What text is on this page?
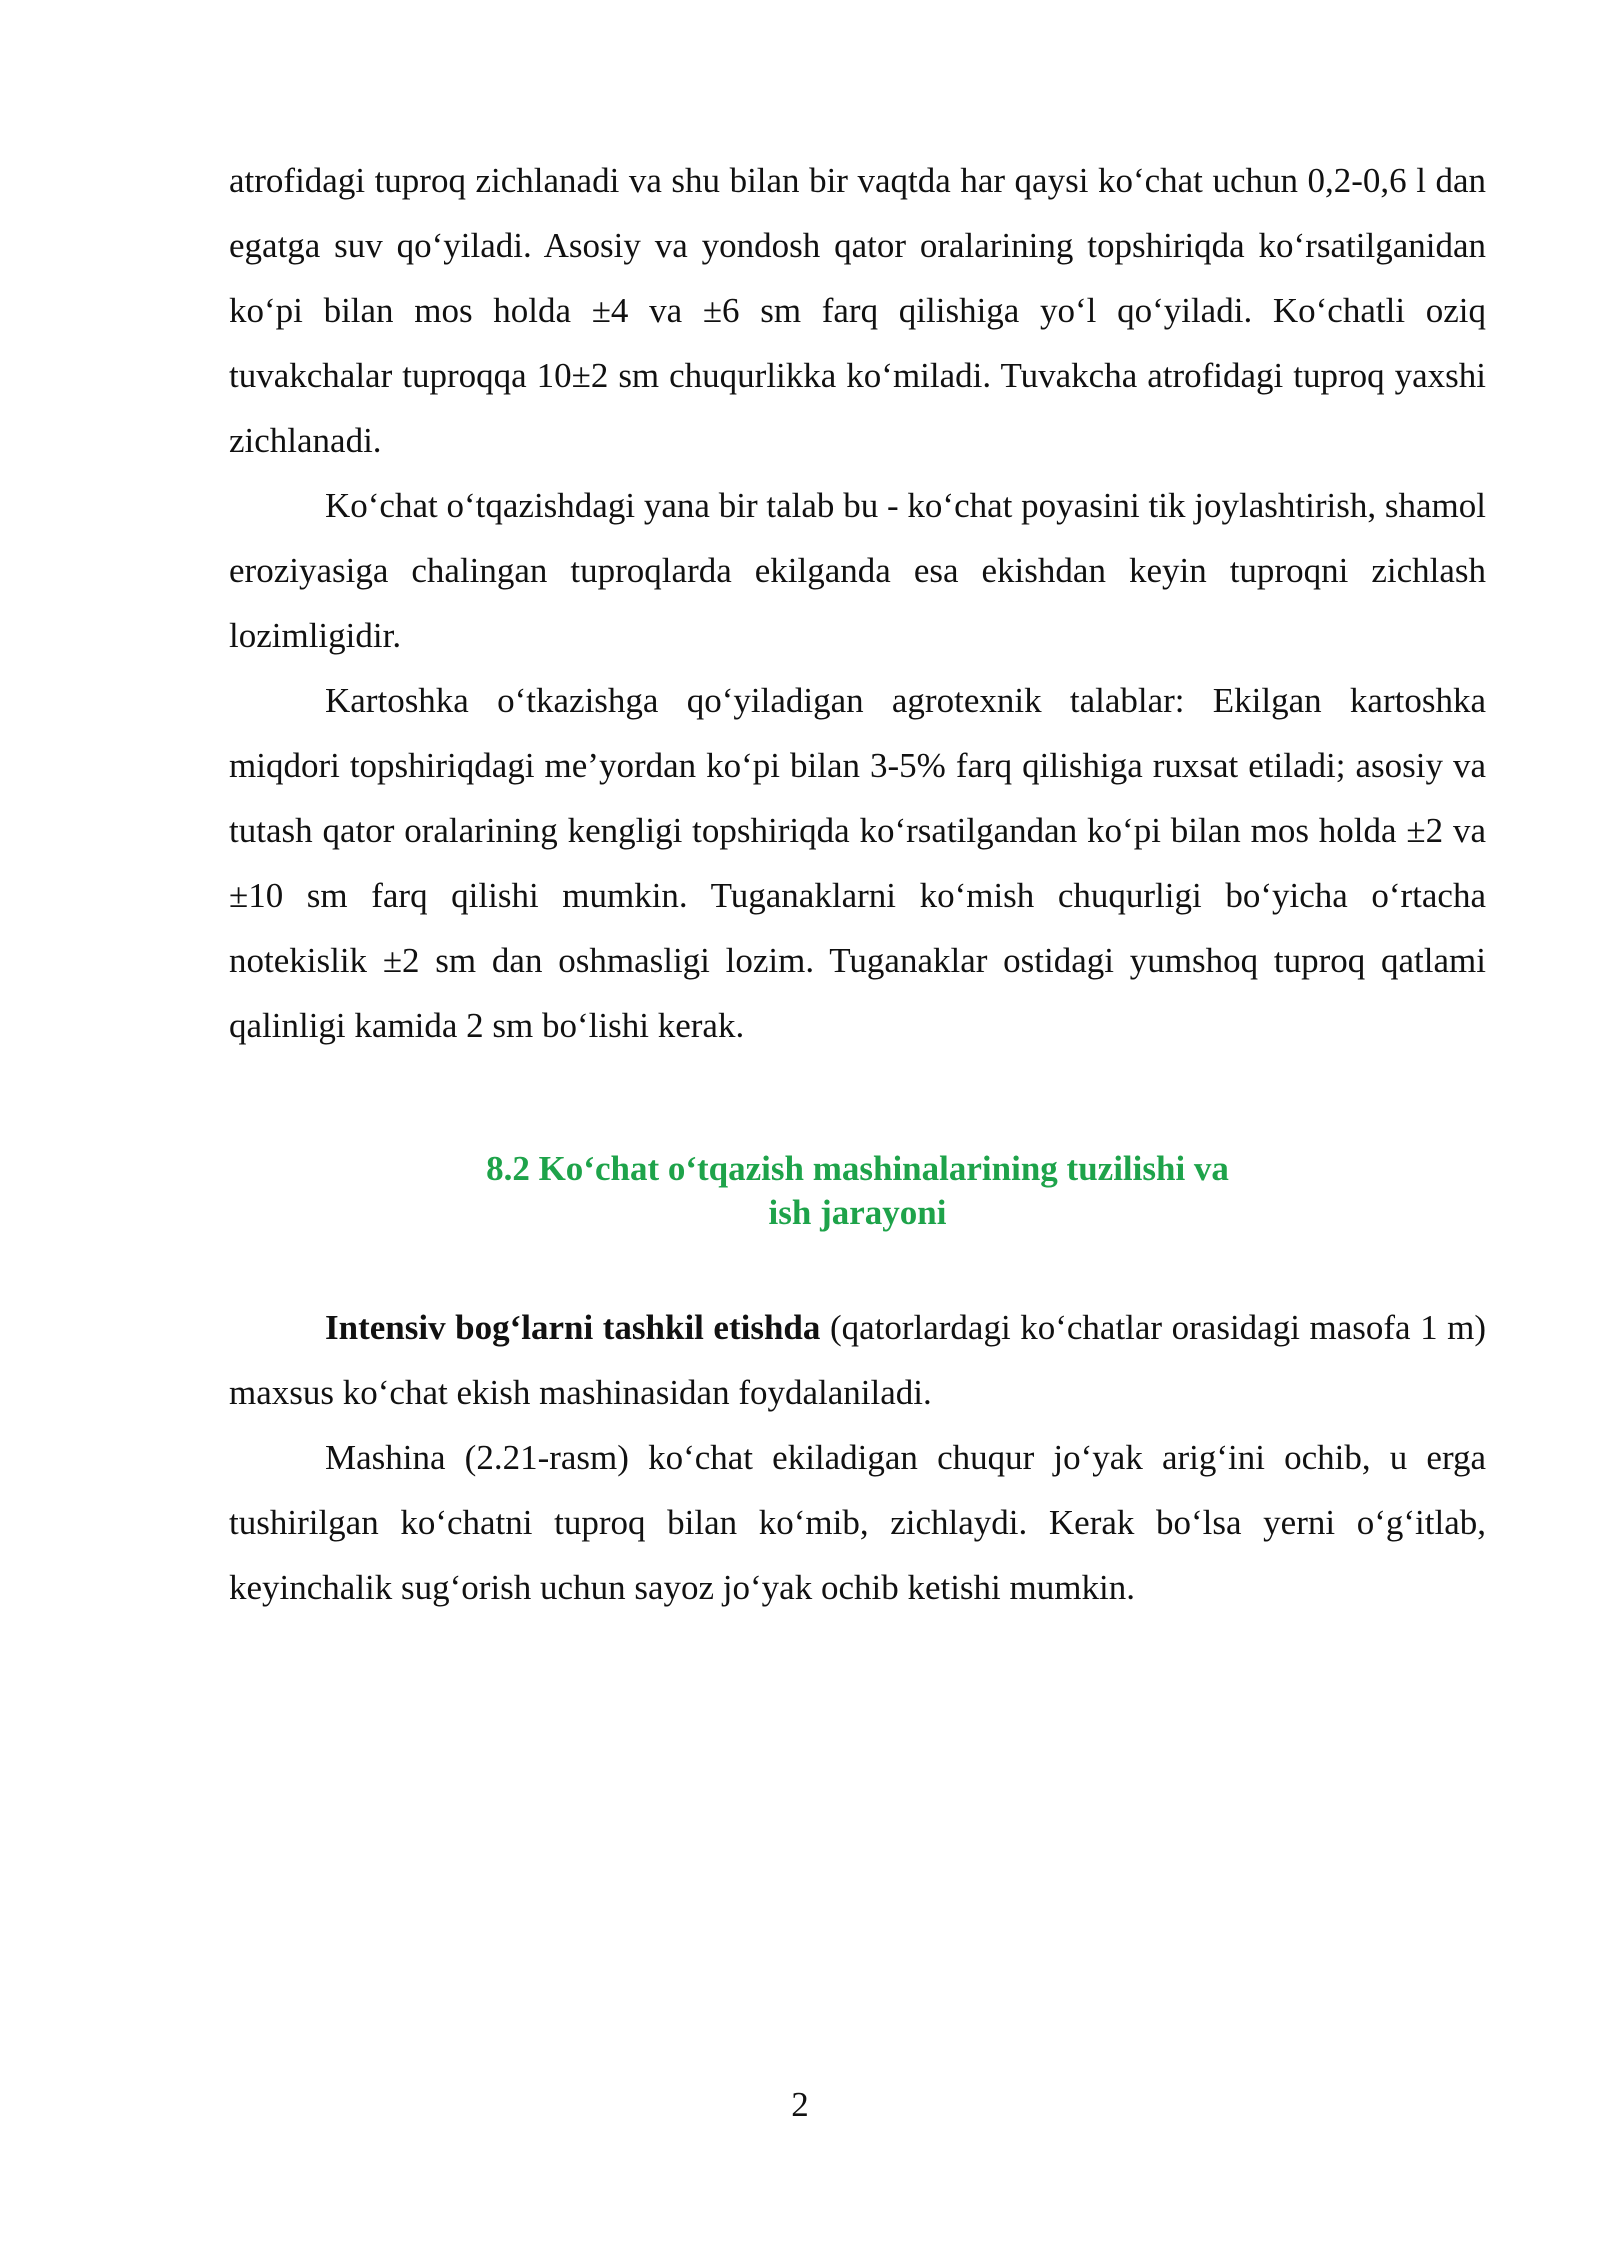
atrofidagi tuproq zichlanadi va shu bilan bir vaqtda har qaysi ko‘chat uchun 0,2-0,6 l dan egatga suv qo‘yiladi. Asosiy va yondosh qator oralarining topshiriqda ko‘rsatilganidan ko‘pi bilan mos holda ±4 va ±6 sm farq qilishiga yo‘l qo‘yiladi. Ko‘chatli oziq tuvakchalar tuproqqa 10±2 sm chuqurlikka ko‘miladi. Tuvakcha atrofidagi tuproq yaxshi zichlanadi.

Ko‘chat o‘tqazishdagi yana bir talab bu - ko‘chat poyasini tik joylashtirish, shamol eroziyasiga chalingan tuproqlarda ekilganda esa ekishdan keyin tuproqni zichlash lozimligidir.

Kartoshka o‘tkazishga qo‘yiladigan agrotexnik talablar: Ekilgan kartoshka miqdori topshiriqdagi me’yordan ko‘pi bilan 3-5% farq qilishiga ruxsat etiladi; asosiy va tutash qator oralarining kengligi topshiriqda ko‘rsatilgandan ko‘pi bilan mos holda ±2 va ±10 sm farq qilishi mumkin. Tuganaklarni ko‘mish chuqurligi bo‘yicha o‘rtacha notekislik ±2 sm dan oshmasligi lozim. Tuganaklar ostidagi yumshoq tuproq qatlami qalinligi kamida 2 sm bo‘lishi kerak.

8.2 Ko‘chat o‘tqazish mashinalarining tuzilishi va
ish jarayoni

Intensiv bog‘larni tashkil etishda (qatorlardagi ko‘chatlar orasidagi masofa 1 m) maxsus ko‘chat ekish mashinasidan foydalaniladi.

Mashina (2.21-rasm) ko‘chat ekiladigan chuqur jo‘yak arig‘ini ochib, u erga tushirilgan ko‘chatni tuproq bilan ko‘mib, zichlaydi. Kerak bo‘lsa yerni o‘g‘itlab, keyinchalik sug‘orish uchun sayoz jo‘yak ochib ketishi mumkin.

2
